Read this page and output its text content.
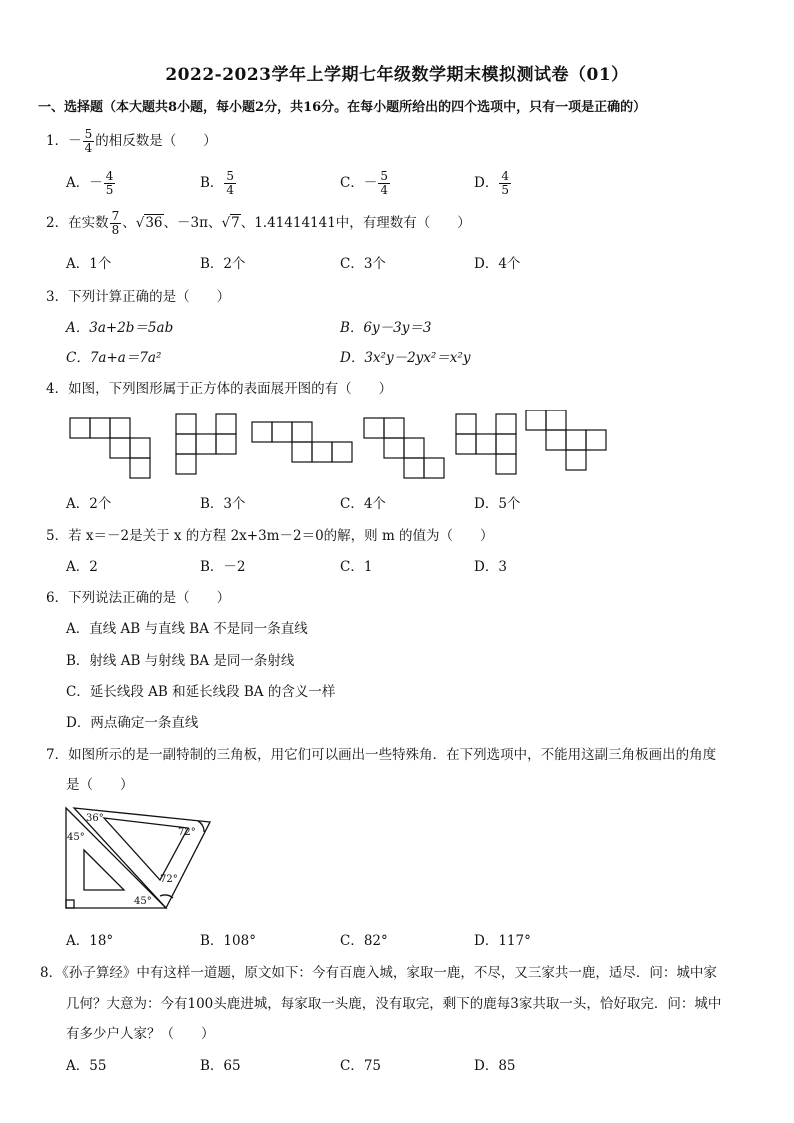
2022-2023学年上学期七年级数学期末模拟测试卷（01）
一、选择题（本大题共8小题，每小题2分，共16分。在每小题所给出的四个选项中，只有一项是正确的）
1．－ $\frac{5}{4}$ 的相反数是（　　）
A．－ $\frac{4}{5}$	B． $\frac{5}{4}$	C．－ $\frac{5}{4}$	D． $\frac{4}{5}$
2．在实数 $\frac{7}{8}$ 、√36、－3π、√7、1.41414141中，有理数有（　　）
A．1个	B．2个	C．3个	D．4个
3．下列计算正确的是（　　）
A．3a+2b＝5ab	B．6y－3y＝3
C．7a+a＝7a²	D．3x²y－2yx²＝x²y
4．如图，下列图形属于正方体的表面展开图的有（　　）
A．2个	B．3个	C．4个	D．5个
5．若 x＝－2是关于 x 的方程 2x+3m－2＝0的解，则 m 的值为（　　）
A．2	B．－2	C．1	D．3
6．下列说法正确的是（　　）
A．直线 AB 与直线 BA 不是同一条直线
B．射线 AB 与射线 BA 是同一条射线
C．延长线段 AB 和延长线段 BA 的含义一样
D．两点确定一条直线
7．如图所示的是一副特制的三角板，用它们可以画出一些特殊角．在下列选项中，不能用这副三角板画出的角度
是（　　）
36°
72°
45°
72°
45°
A．18°	B．108°	C．82°	D．117°
8．《孙子算经》中有这样一道题，原文如下：今有百鹿入城，家取一鹿，不尽，又三家共一鹿，适尽．问：城中家
几何？大意为：今有100头鹿进城，每家取一头鹿，没有取完，剩下的鹿每3家共取一头，恰好取完．问：城中
有多少户人家？（　　）
A．55	B．65	C．75	D．85
